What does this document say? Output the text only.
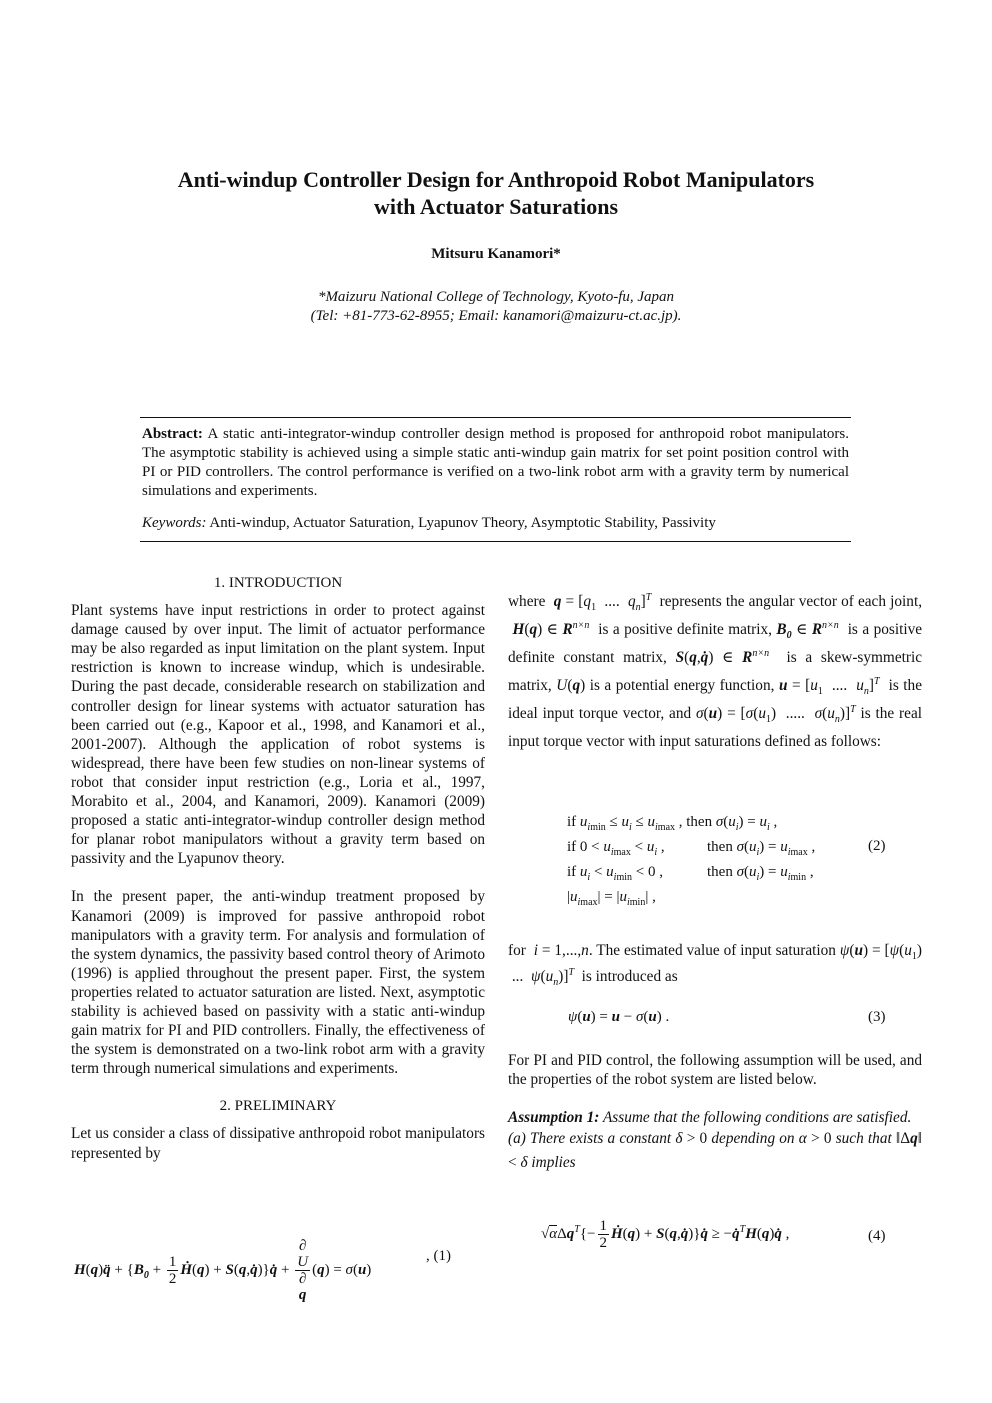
Anti-windup Controller Design for Anthropoid Robot Manipulators
with Actuator Saturations
Mitsuru Kanamori*
*Maizuru National College of Technology, Kyoto-fu, Japan
(Tel: +81-773-62-8955; Email: kanamori@maizuru-ct.ac.jp).
Abstract: A static anti-integrator-windup controller design method is proposed for anthropoid robot manipulators. The asymptotic stability is achieved using a simple static anti-windup gain matrix for set point position control with PI or PID controllers. The control performance is verified on a two-link robot arm with a gravity term by numerical simulations and experiments.
Keywords: Anti-windup, Actuator Saturation, Lyapunov Theory, Asymptotic Stability, Passivity
1. INTRODUCTION

Plant systems have input restrictions in order to protect against damage caused by over input. The limit of actuator performance may be also regarded as input limitation on the plant system. Input restriction is known to increase windup, which is undesirable. During the past decade, considerable research on stabilization and controller design for linear systems with actuator saturation has been carried out (e.g., Kapoor et al., 1998, and Kanamori et al., 2001-2007). Although the application of robot systems is widespread, there have been few studies on non-linear systems of robot that consider input restriction (e.g., Loria et al., 1997, Morabito et al., 2004, and Kanamori, 2009). Kanamori (2009) proposed a static anti-integrator-windup controller design method for planar robot manipulators without a gravity term based on passivity and the Lyapunov theory.

In the present paper, the anti-windup treatment proposed by Kanamori (2009) is improved for passive anthropoid robot manipulators with a gravity term. For analysis and formulation of the system dynamics, the passivity based control theory of Arimoto (1996) is applied throughout the present paper. First, the system properties related to actuator saturation are listed. Next, asymptotic stability is achieved based on passivity with a static anti-windup gain matrix for PI and PID controllers. Finally, the effectiveness of the system is demonstrated on a two-link robot arm with a gravity term through numerical simulations and experiments.

2. PRELIMINARY

Let us consider a class of dissipative anthropoid robot manipulators represented by

H(q)q̈ + {$B_0 + \frac{1}{2}$ Ḣ(q) + S(q,q̇)}q̇ + ∂
U
∂
q (q) = σ(u)
, (1)
where $q = [q_1$  ....  $q_n]^T$ represents the angular vector of each joint,  H(q) ∈ $R^{n\times n}$ is a positive definite matrix, $B_0$ ∈ $R^{n\times n}$ is a positive definite constant matrix, S(q,q̇) ∈ $R^{n\times n}$ is a skew-symmetric matrix, U(q) is a potential energy function, $u = [u_1$  ....  $u_n]^T$ is the ideal input torque vector, and $\sigma(u) = [\sigma(u_1)$  .....  $\sigma(u_n)]^T$ is the real input torque vector with input saturations defined as follows:
if $u_{imin} \le u_i \le u_{imax}$ , then $\sigma(u_i) = u_i$ ,
if $0 < u_{imax} < u_i$ ,	then $\sigma(u_i) = u_{imax}$ ,
if $u_i < u_{imin} < 0$ ,	then $\sigma(u_i) = u_{imin}$ ,
$|u_{imax}| = |u_{imin}|$ ,
(2)
for i = 1,...,n. The estimated value of input saturation $\psi(u) = [\psi(u_1)$  ...  $\psi(u_n)]^T$ is introduced as
ψ(u) = u − σ(u) .	(3)

For PI and PID control, the following assumption will be used, and the properties of the robot system are listed below.

Assumption 1: Assume that the following conditions are satisfied.

(a) There exists a constant δ > 0 depending on α > 0 such that ‖Δq‖ < δ implies

$√\alpha\Delta q^T\{- \frac{1}{2}$ Ḣ(q) + S(q,q̇)}q̇ ≥ −q̇$^T$H(q)q̇ ,	(4)
